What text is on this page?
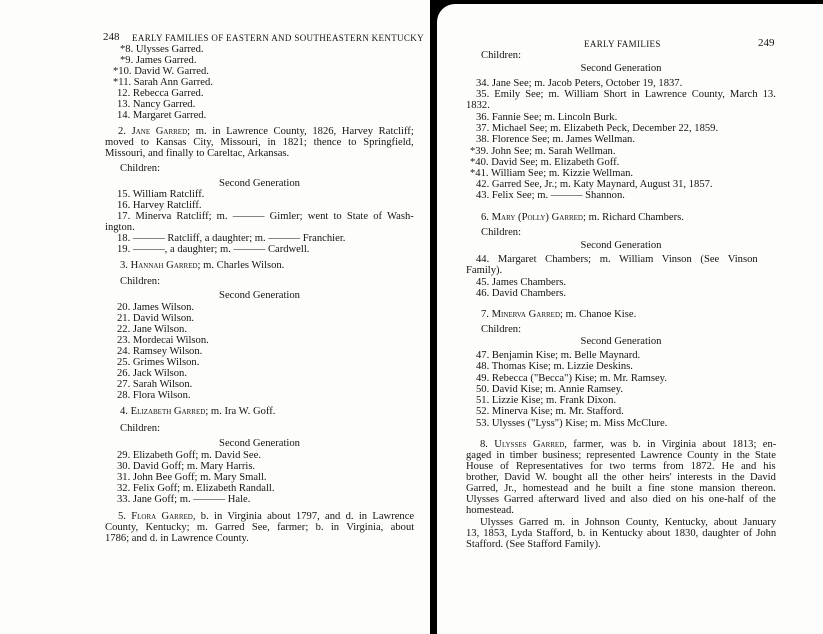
248 EARLY FAMILIES OF EASTERN AND SOUTHEASTERN KENTUCKY
*8. Ulysses Garred.
*9. James Garred.
*10. David W. Garred.
*11. Sarah Ann Garred.
12. Rebecca Garred.
13. Nancy Garred.
14. Margaret Garred.
2. Jane Garred; m. in Lawrence County, 1826, Harvey Ratcliff;
moved to Kansas City, Missouri, in 1821; thence to Springfield,
Missouri, and finally to Careltac, Arkansas.
Children:
Second Generation
15. William Ratcliff.
16. Harvey Ratcliff.
17. Minerva Ratcliff; m. ——— Gimler; went to State of Wash-
ington.
18. ——— Ratcliff, a daughter; m. ——— Franchier.
19. ———, a daughter; m. ——— Cardwell.
3. Hannah Garred; m. Charles Wilson.
Children:
Second Generation
20. James Wilson.
21. David Wilson.
22. Jane Wilson.
23. Mordecai Wilson.
24. Ramsey Wilson.
25. Grimes Wilson.
26. Jack Wilson.
27. Sarah Wilson.
28. Flora Wilson.
4. Elizabeth Garred; m. Ira W. Goff.
Children:
Second Generation
29. Elizabeth Goff; m. David See.
30. David Goff; m. Mary Harris.
31. John Bee Goff; m. Mary Small.
32. Felix Goff; m. Elizabeth Randall.
33. Jane Goff; m. ——— Hale.
5. Flora Garred, b. in Virginia about 1797, and d. in Lawrence
County, Kentucky; m. Garred See, farmer; b. in Virginia, about
1786; and d. in Lawrence County.
EARLY FAMILIES	249
Children:
Second Generation
34. Jane See; m. Jacob Peters, October 19, 1837.
35. Emily See; m. William Short in Lawrence County, March 13.
1832.
36. Fannie See; m. Lincoln Burk.
37. Michael See; m. Elizabeth Peck, December 22, 1859.
38. Florence See; m. James Wellman.
*39. John See; m. Sarah Wellman.
*40. David See; m. Elizabeth Goff.
*41. William See; m. Kizzie Wellman.
42. Garred See, Jr.; m. Katy Maynard, August 31, 1857.
43. Felix See; m. ——— Shannon.
6. Mary (Polly) Garred; m. Richard Chambers.
Children:
Second Generation
44. Margaret Chambers; m. William Vinson (See Vinson
Family).
45. James Chambers.
46. David Chambers.
7. Minerva Garred; m. Chanoe Kise.
Children:
Second Generation
47. Benjamin Kise; m. Belle Maynard.
48. Thomas Kise; m. Lizzie Deskins.
49. Rebecca ("Becca") Kise; m. Mr. Ramsey.
50. David Kise; m. Annie Ramsey.
51. Lizzie Kise; m. Frank Dixon.
52. Minerva Kise; m. Mr. Stafford.
53. Ulysses ("Lyss") Kise; m. Miss McClure.
8. Ulysses Garred, farmer, was b. in Virginia about 1813; en-
gaged in timber business; represented Lawrence County in the State
House of Representatives for two terms from 1872. He and his
brother, David W. bought all the other heirs' interests in the David
Garred, Jr., homestead and he built a fine stone mansion thereon.
Ulysses Garred afterward lived and also died on his one-half of the
homestead.
Ulysses Garred m. in Johnson County, Kentucky, about January
13, 1853, Lyda Stafford, b. in Kentucky about 1830, daughter of John
Stafford. (See Stafford Family).
